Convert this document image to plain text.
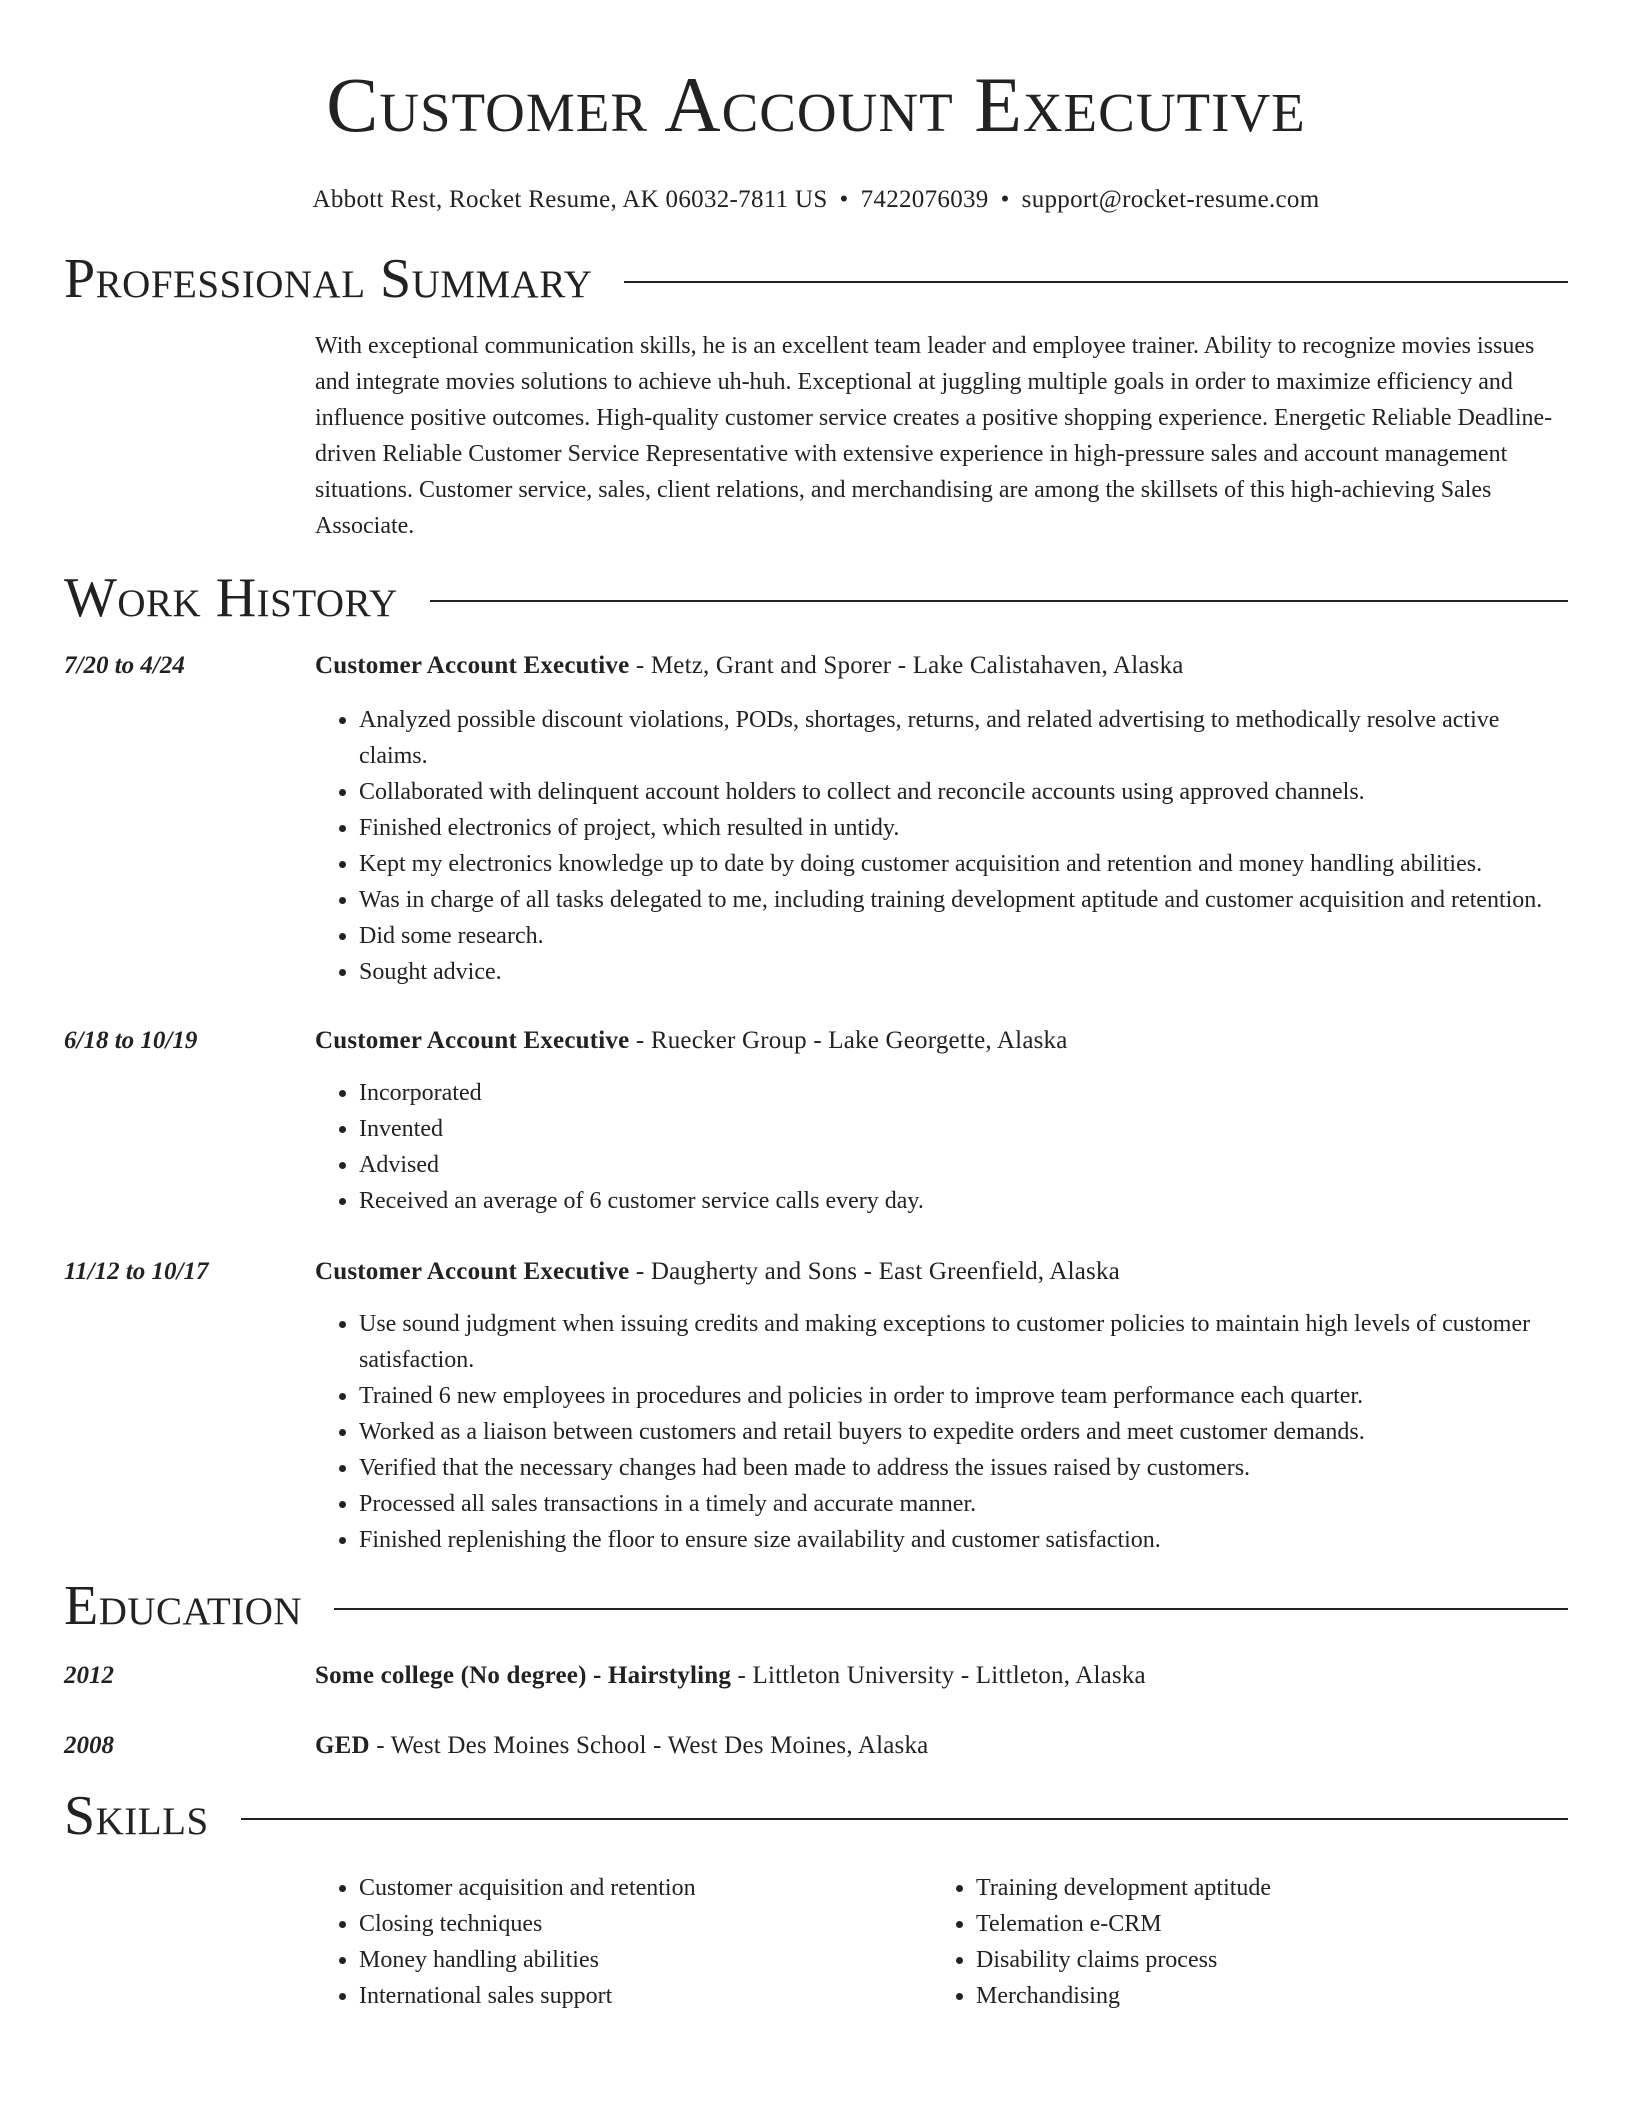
Customer Account Executive
Abbott Rest, Rocket Resume, AK 06032-7811 US • 7422076039 • support@rocket-resume.com
Professional Summary

With exceptional communication skills, he is an excellent team leader and employee trainer. Ability to recognize movies issues and integrate movies solutions to achieve uh-huh. Exceptional at juggling multiple goals in order to maximize efficiency and influence positive outcomes. High-quality customer service creates a positive shopping experience. Energetic Reliable Deadline-driven Reliable Customer Service Representative with extensive experience in high-pressure sales and account management situations. Customer service, sales, client relations, and merchandising are among the skillsets of this high-achieving Sales Associate.

Work History
7/20 to 4/24	Customer Account Executive - Metz, Grant and Sporer - Lake Calistahaven, Alaska
• Analyzed possible discount violations, PODs, shortages, returns, and related advertising to methodically resolve active claims.
• Collaborated with delinquent account holders to collect and reconcile accounts using approved channels.
• Finished electronics of project, which resulted in untidy.
• Kept my electronics knowledge up to date by doing customer acquisition and retention and money handling abilities.
• Was in charge of all tasks delegated to me, including training development aptitude and customer acquisition and retention.
• Did some research.
• Sought advice.
6/18 to 10/19	Customer Account Executive - Ruecker Group - Lake Georgette, Alaska
• Incorporated
• Invented
• Advised
• Received an average of 6 customer service calls every day.
11/12 to 10/17	Customer Account Executive - Daugherty and Sons - East Greenfield, Alaska
• Use sound judgment when issuing credits and making exceptions to customer policies to maintain high levels of customer satisfaction.
• Trained 6 new employees in procedures and policies in order to improve team performance each quarter.
• Worked as a liaison between customers and retail buyers to expedite orders and meet customer demands.
• Verified that the necessary changes had been made to address the issues raised by customers.
• Processed all sales transactions in a timely and accurate manner.
• Finished replenishing the floor to ensure size availability and customer satisfaction.
Education
2012	Some college (No degree) - Hairstyling - Littleton University - Littleton, Alaska
2008	GED - West Des Moines School - West Des Moines, Alaska
Skills
• Customer acquisition and retention
• Closing techniques
• Money handling abilities
• International sales support
• Training development aptitude
• Telemation e-CRM
• Disability claims process
• Merchandising
